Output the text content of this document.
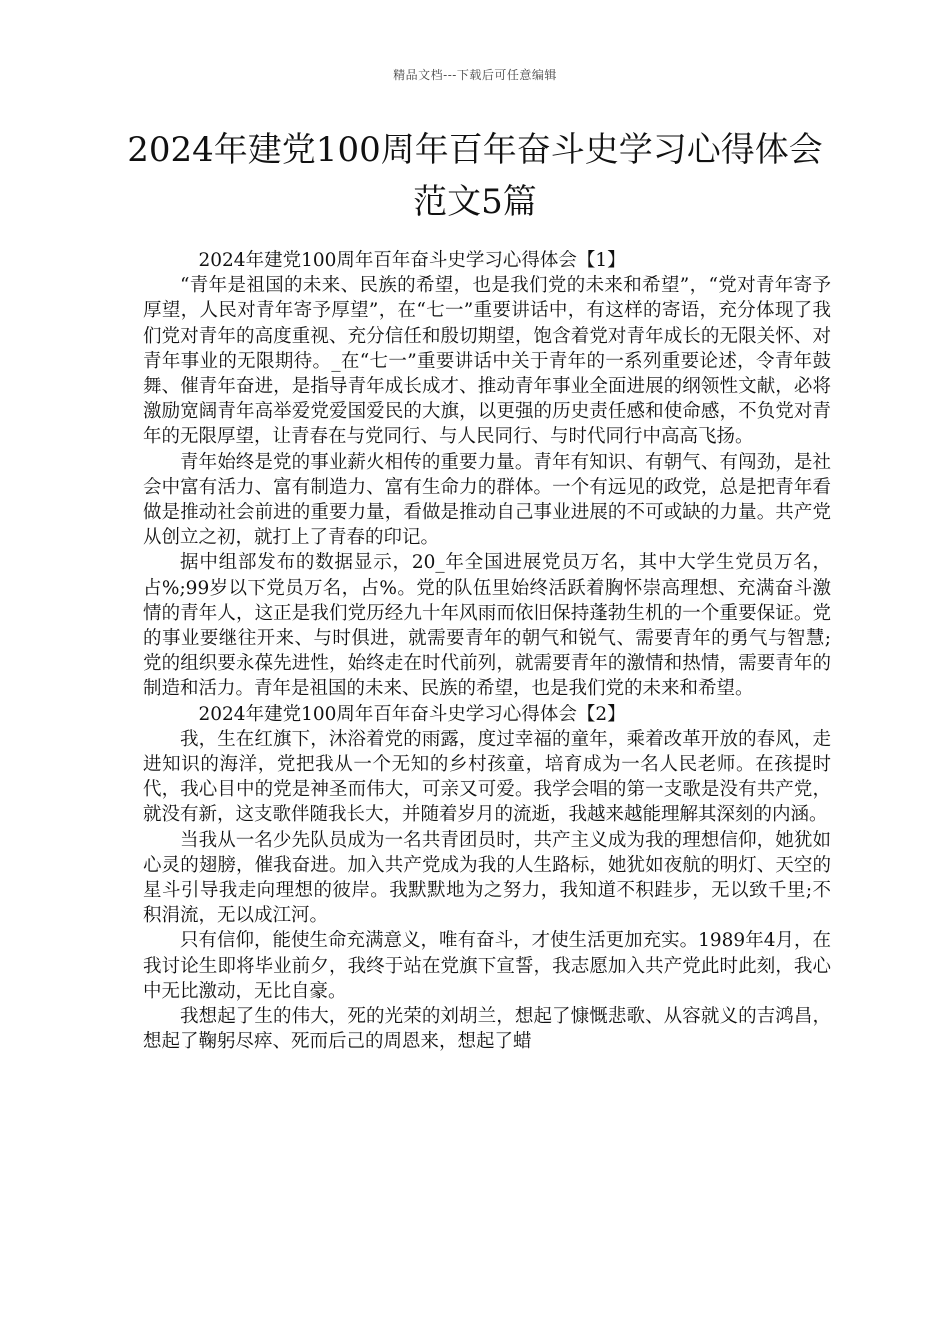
精品文档---下载后可任意编辑
2024年建党100周年百年奋斗史学习心得体会范文5篇

2024年建党100周年百年奋斗史学习心得体会【1】

“青年是祖国的未来、民族的希望，也是我们党的未来和希望”，“党对青年寄予厚望，人民对青年寄予厚望”，在“七一”重要讲话中，有这样的寄语，充分体现了我们党对青年的高度重视、充分信任和殷切期望，饱含着党对青年成长的无限关怀、对青年事业的无限期待。_在“七一”重要讲话中关于青年的一系列重要论述，令青年鼓舞、催青年奋进，是指导青年成长成才、推动青年事业全面进展的纲领性文献，必将激励宽阔青年高举爱党爱国爱民的大旗，以更强的历史责任感和使命感，不负党对青年的无限厚望，让青春在与党同行、与人民同行、与时代同行中高高飞扬。

青年始终是党的事业薪火相传的重要力量。青年有知识、有朝气、有闯劲，是社会中富有活力、富有制造力、富有生命力的群体。一个有远见的政党，总是把青年看做是推动社会前进的重要力量，看做是推动自己事业进展的不可或缺的力量。共产党从创立之初，就打上了青春的印记。

据中组部发布的数据显示，20_年全国进展党员万名，其中大学生党员万名，占%;99岁以下党员万名，占%。党的队伍里始终活跃着胸怀崇高理想、充满奋斗激情的青年人，这正是我们党历经九十年风雨而依旧保持蓬勃生机的一个重要保证。党的事业要继往开来、与时俱进，就需要青年的朝气和锐气、需要青年的勇气与智慧;党的组织要永葆先进性，始终走在时代前列，就需要青年的激情和热情，需要青年的制造和活力。青年是祖国的未来、民族的希望，也是我们党的未来和希望。

2024年建党100周年百年奋斗史学习心得体会【2】

我，生在红旗下，沐浴着党的雨露，度过幸福的童年，乘着改革开放的春风，走进知识的海洋，党把我从一个无知的乡村孩童，培育成为一名人民老师。在孩提时代，我心目中的党是神圣而伟大，可亲又可爱。我学会唱的第一支歌是没有共产党，就没有新，这支歌伴随我长大，并随着岁月的流逝，我越来越能理解其深刻的内涵。

当我从一名少先队员成为一名共青团员时，共产主义成为我的理想信仰，她犹如心灵的翅膀，催我奋进。加入共产党成为我的人生路标，她犹如夜航的明灯、天空的星斗引导我走向理想的彼岸。我默默地为之努力，我知道不积跬步，无以致千里;不积涓流，无以成江河。

只有信仰，能使生命充满意义，唯有奋斗，才使生活更加充实。1989年4月，在我讨论生即将毕业前夕，我终于站在党旗下宣誓，我志愿加入共产党此时此刻，我心中无比激动，无比自豪。

我想起了生的伟大，死的光荣的刘胡兰，想起了慷慨悲歌、从容就义的吉鸿昌，想起了鞠躬尽瘁、死而后己的周恩来，想起了蜡
